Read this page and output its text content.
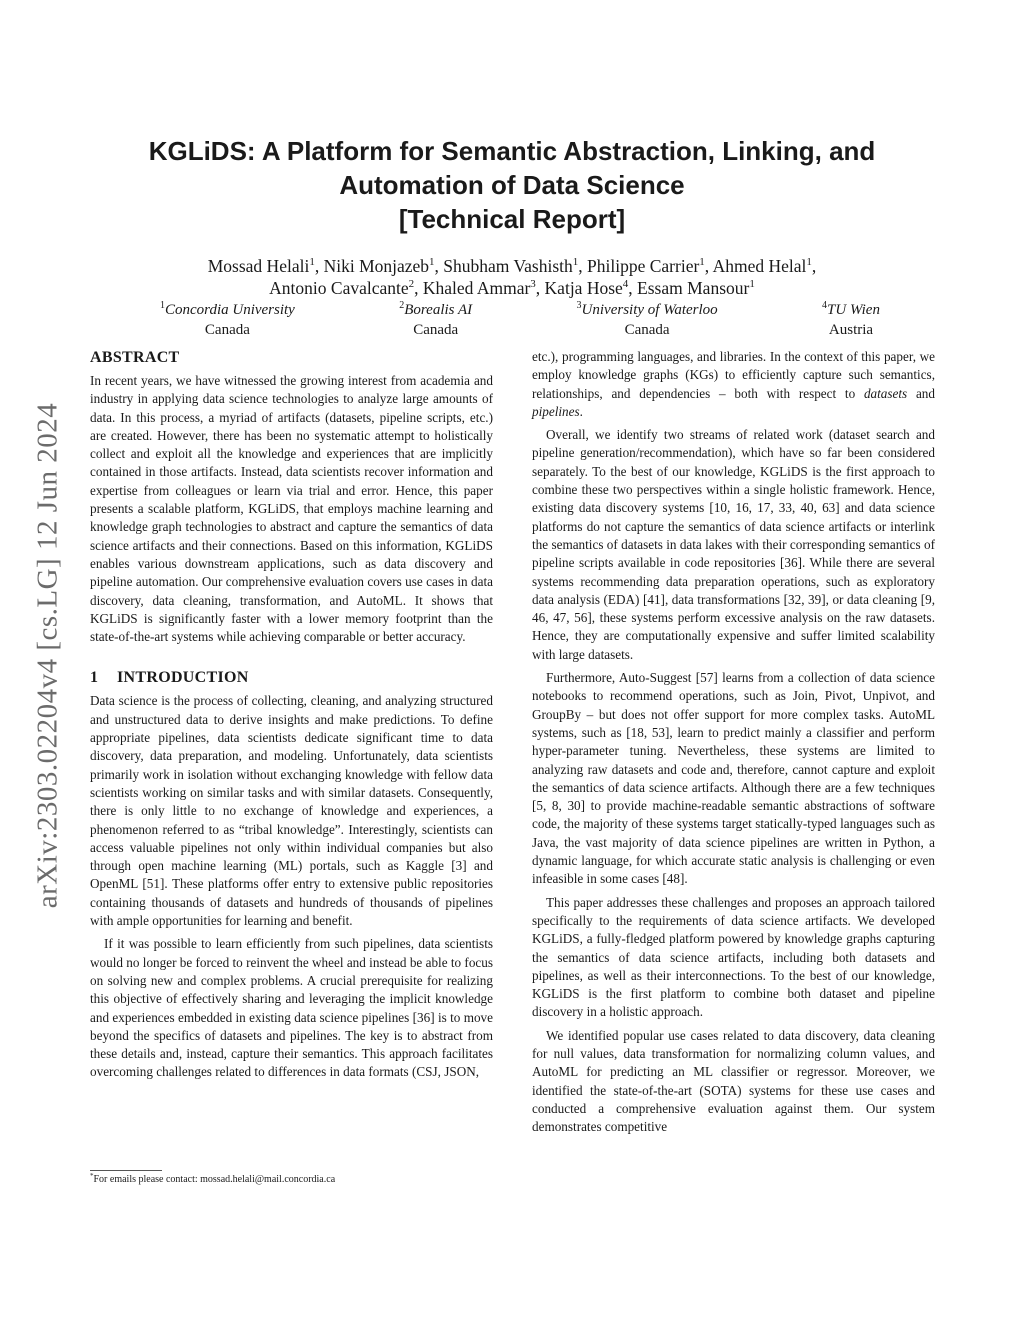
arXiv:2303.02204v4 [cs.LG] 12 Jun 2024
KGLiDS: A Platform for Semantic Abstraction, Linking, and
Automation of Data Science
[Technical Report]
Mossad Helali$^1$, Niki Monjazeb$^1$, Shubham Vashisth$^1$, Philippe Carrier$^1$, Ahmed Helal$^1$,
Antonio Cavalcante$^2$, Khaled Ammar$^3$, Katja Hose$^4$, Essam Mansour$^1$
$^1$Concordia University
Canada
$^2$Borealis AI
Canada
$^3$University of Waterloo
Canada
$^4$TU Wien
Austria
ABSTRACT

In recent years, we have witnessed the growing interest from academia and industry in applying data science technologies to analyze large amounts of data. In this process, a myriad of artifacts (datasets, pipeline scripts, etc.) are created. However, there has been no systematic attempt to holistically collect and exploit all the knowledge and experiences that are implicitly contained in those artifacts. Instead, data scientists recover information and expertise from colleagues or learn via trial and error. Hence, this paper presents a scalable platform, KGLiDS, that employs machine learning and knowledge graph technologies to abstract and capture the semantics of data science artifacts and their connections. Based on this information, KGLiDS enables various downstream applications, such as data discovery and pipeline automation. Our comprehensive evaluation covers use cases in data discovery, data cleaning, transformation, and AutoML. It shows that KGLiDS is significantly faster with a lower memory footprint than the state-of-the-art systems while achieving comparable or better accuracy.

1 INTRODUCTION

Data science is the process of collecting, cleaning, and analyzing structured and unstructured data to derive insights and make predictions. To define appropriate pipelines, data scientists dedicate significant time to data discovery, data preparation, and modeling. Unfortunately, data scientists primarily work in isolation without exchanging knowledge with fellow data scientists working on similar tasks and with similar datasets. Consequently, there is only little to no exchange of knowledge and experiences, a phenomenon referred to as “tribal knowledge”. Interestingly, scientists can access valuable pipelines not only within individual companies but also through open machine learning (ML) portals, such as Kaggle [3] and OpenML [51]. These platforms offer entry to extensive public repositories containing thousands of datasets and hundreds of thousands of pipelines with ample opportunities for learning and benefit.

If it was possible to learn efficiently from such pipelines, data scientists would no longer be forced to reinvent the wheel and instead be able to focus on solving new and complex problems. A crucial prerequisite for realizing this objective of effectively sharing and leveraging the implicit knowledge and experiences embedded in existing data science pipelines [36] is to move beyond the specifics of datasets and pipelines. The key is to abstract from these details and, instead, capture their semantics. This approach facilitates overcoming challenges related to differences in data formats (CSJ, JSON,

etc.), programming languages, and libraries. In the context of this paper, we employ knowledge graphs (KGs) to efficiently capture such semantics, relationships, and dependencies – both with respect to datasets and pipelines.

Overall, we identify two streams of related work (dataset search and pipeline generation/recommendation), which have so far been considered separately. To the best of our knowledge, KGLiDS is the first approach to combine these two perspectives within a single holistic framework. Hence, existing data discovery systems [10, 16, 17, 33, 40, 63] and data science platforms do not capture the semantics of data science artifacts or interlink the semantics of datasets in data lakes with their corresponding semantics of pipeline scripts available in code repositories [36]. While there are several systems recommending data preparation operations, such as exploratory data analysis (EDA) [41], data transformations [32, 39], or data cleaning [9, 46, 47, 56], these systems perform excessive analysis on the raw datasets. Hence, they are computationally expensive and suffer limited scalability with large datasets.

Furthermore, Auto-Suggest [57] learns from a collection of data science notebooks to recommend operations, such as Join, Pivot, Unpivot, and GroupBy – but does not offer support for more complex tasks. AutoML systems, such as [18, 53], learn to predict mainly a classifier and perform hyper-parameter tuning. Nevertheless, these systems are limited to analyzing raw datasets and code and, therefore, cannot capture and exploit the semantics of data science artifacts. Although there are a few techniques [5, 8, 30] to provide machine-readable semantic abstractions of software code, the majority of these systems target statically-typed languages such as Java, the vast majority of data science pipelines are written in Python, a dynamic language, for which accurate static analysis is challenging or even infeasible in some cases [48].

This paper addresses these challenges and proposes an approach tailored specifically to the requirements of data science artifacts. We developed KGLiDS, a fully-fledged platform powered by knowledge graphs capturing the semantics of data science artifacts, including both datasets and pipelines, as well as their interconnections. To the best of our knowledge, KGLiDS is the first platform to combine both dataset and pipeline discovery in a holistic approach.

We identified popular use cases related to data discovery, data cleaning for null values, data transformation for normalizing column values, and AutoML for predicting an ML classifier or regressor. Moreover, we identified the state-of-the-art (SOTA) systems for these use cases and conducted a comprehensive evaluation against them. Our system demonstrates competitive

*For emails please contact: mossad.helali@mail.concordia.ca
